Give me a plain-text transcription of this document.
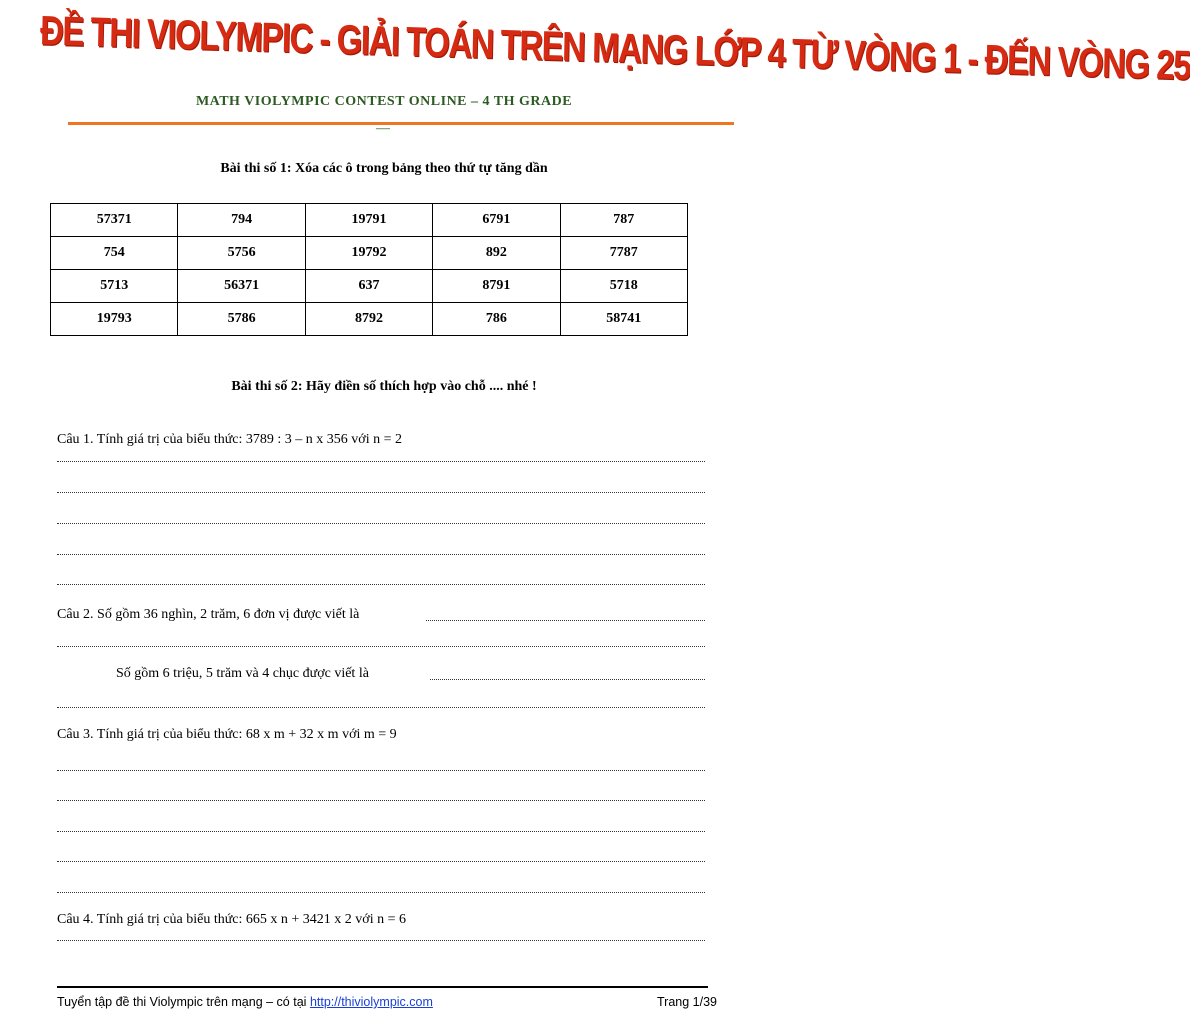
ĐỀ THI VIOLYMPIC - GIẢI TOÁN TRÊN MẠNG LỚP 4 TỪ VÒNG 1 - ĐẾN VÒNG 25
MATH VIOLYMPIC CONTEST ONLINE – 4 TH GRADE
—
Bài thi số 1: Xóa các ô trong bảng theo thứ tự tăng dần
57371	794	19791	6791	787
754	5756	19792	892	7787
5713	56371	637	8791	5718
19793	5786	8792	786	58741
Bài thi số 2: Hãy điền số thích hợp vào chỗ .... nhé !
Câu 1. Tính giá trị của biểu thức: 3789 : 3 – n x 356 với n = 2
Câu 2. Số gồm 36 nghìn, 2 trăm, 6 đơn vị được viết là
Số gồm 6 triệu, 5 trăm và 4 chục được viết là
Câu 3. Tính giá trị của biểu thức: 68 x m + 32 x m với m = 9
Câu 4. Tính giá trị của biểu thức: 665 x n + 3421 x 2 với n = 6
Tuyển tập đề thi Violympic trên mạng – có tại http://thiviolympic.com	Trang 1/39
